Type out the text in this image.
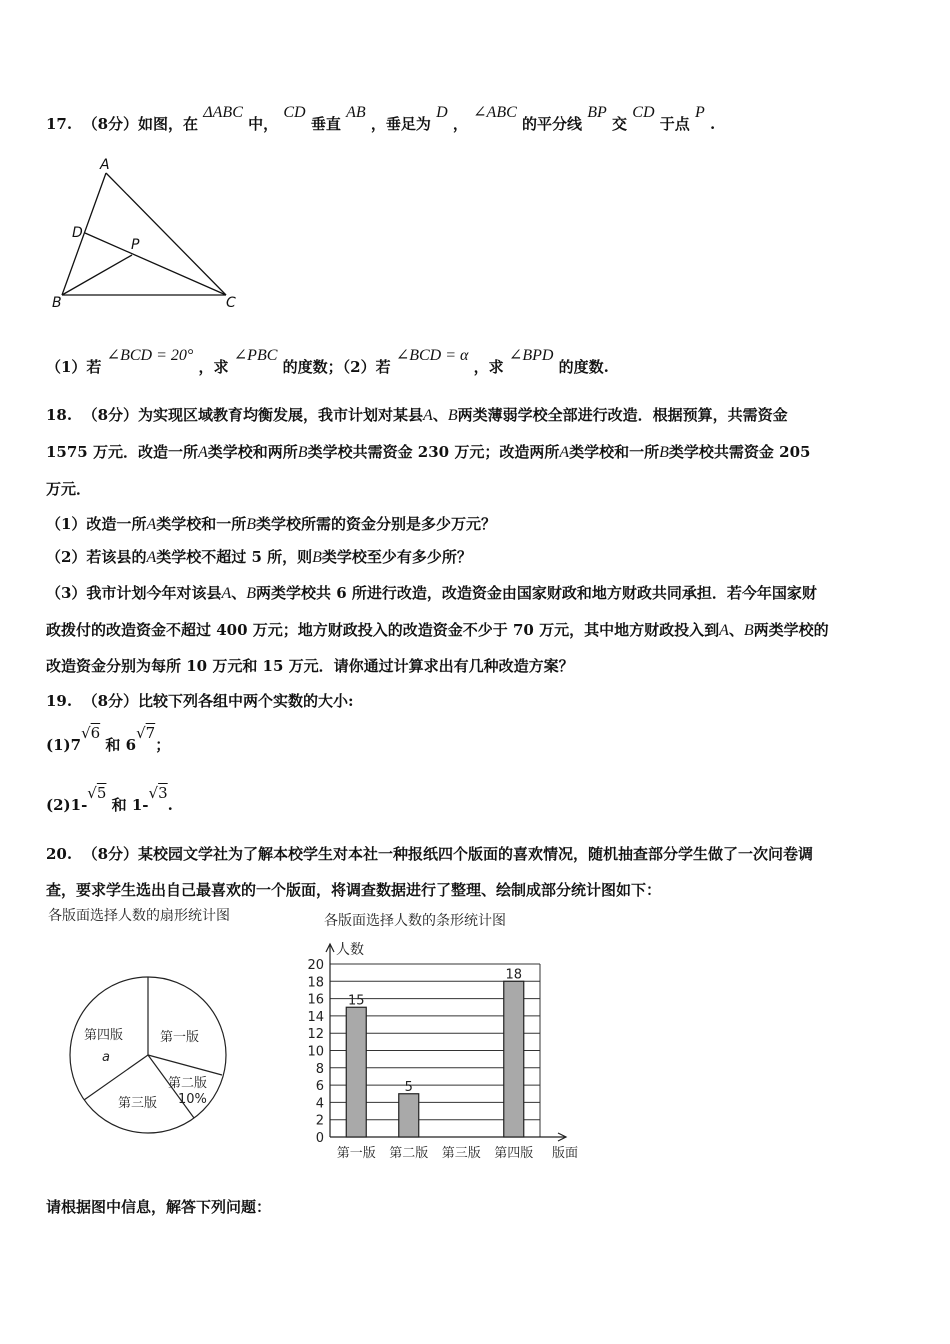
17. （8分）如图，在 ΔABC 中， CD 垂直 AB ，垂足为 D ， ∠ABC 的平分线 BP 交 CD 于点 P .
A
D
P
B	C
（1）若 ∠BCD = 20° ，求 ∠PBC 的度数；（2）若 ∠BCD = α ，求 ∠BPD 的度数.
18. （8分）为实现区域教育均衡发展，我市计划对某县A、B两类薄弱学校全部进行改造．根据预算，共需资金
1575 万元．改造一所A类学校和两所B类学校共需资金 230 万元；改造两所A类学校和一所B类学校共需资金 205
万元．
（1）改造一所A类学校和一所B类学校所需的资金分别是多少万元？
（2）若该县的A类学校不超过 5 所，则B类学校至少有多少所？
（3）我市计划今年对该县A、B两类学校共 6 所进行改造，改造资金由国家财政和地方财政共同承担．若今年国家财
政拨付的改造资金不超过 400 万元；地方财政投入的改造资金不少于 70 万元，其中地方财政投入到A、B两类学校的
改造资金分别为每所 10 万元和 15 万元．请你通过计算求出有几种改造方案？
19. （8分）比较下列各组中两个实数的大小:
(1)7√6 和 6√7；
(2)1-√5 和 1-√3.
20. （8分）某校园文学社为了解本校学生对本社一种报纸四个版面的喜欢情况，随机抽查部分学生做了一次问卷调
查，要求学生选出自己最喜欢的一个版面，将调查数据进行了整理、绘制成部分统计图如下：
各版面选择人数的扇形统计图
第一版
第二版
10%
第三版
第四版
a
各版面选择人数的条形统计图
0
2
4
6
8
10
12
14
16
18
20
人数
15
第一版
5
第二版 第三版
18
第四版 版面
请根据图中信息，解答下列问题：
